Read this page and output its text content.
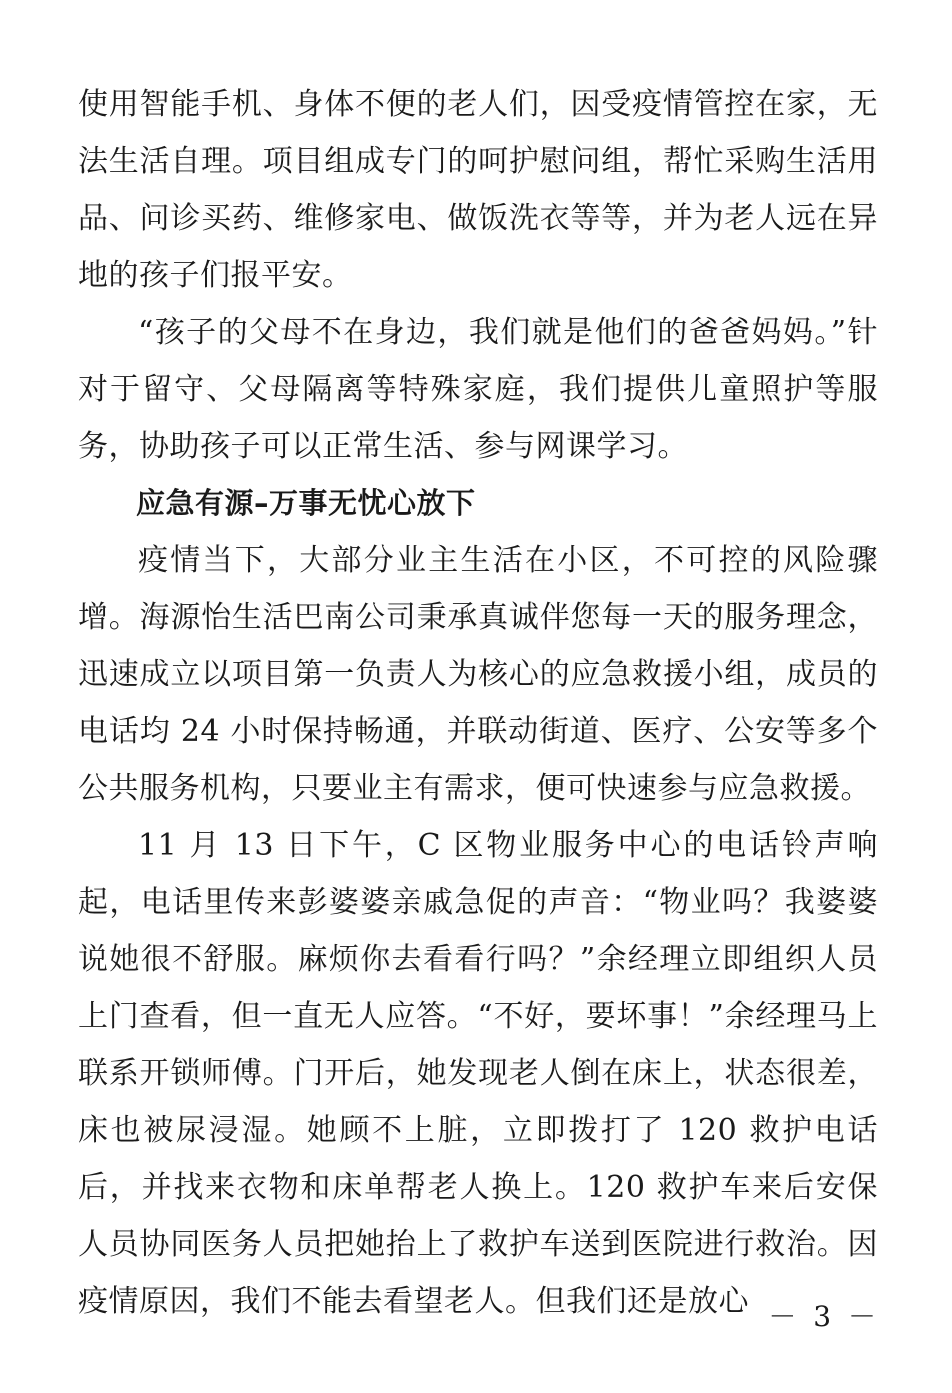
使用智能手机、身体不便的老人们，因受疫情管控在家，无法生活自理。项目组成专门的呵护慰问组，帮忙采购生活用品、问诊买药、维修家电、做饭洗衣等等，并为老人远在异地的孩子们报平安。

“孩子的父母不在身边，我们就是他们的爸爸妈妈。”针对于留守、父母隔离等特殊家庭，我们提供儿童照护等服务，协助孩子可以正常生活、参与网课学习。

应急有源–万事无忧心放下

疫情当下，大部分业主生活在小区，不可控的风险骤增。海源怡生活巴南公司秉承真诚伴您每一天的服务理念，迅速成立以项目第一负责人为核心的应急救援小组，成员的电话均 24 小时保持畅通，并联动街道、医疗、公安等多个公共服务机构，只要业主有需求，便可快速参与应急救援。

11 月 13 日下午，C 区物业服务中心的电话铃声响起，电话里传来彭婆婆亲戚急促的声音：“物业吗？我婆婆说她很不舒服。麻烦你去看看行吗？”余经理立即组织人员上门查看，但一直无人应答。“不好，要坏事！”余经理马上联系开锁师傅。门开后，她发现老人倒在床上，状态很差，床也被尿浸湿。她顾不上脏，立即拨打了 120 救护电话后，并找来衣物和床单帮老人换上。120 救护车来后安保人员协同医务人员把她抬上了救护车送到医院进行救治。因疫情原因，我们不能去看望老人。但我们还是放心 － 3 －
